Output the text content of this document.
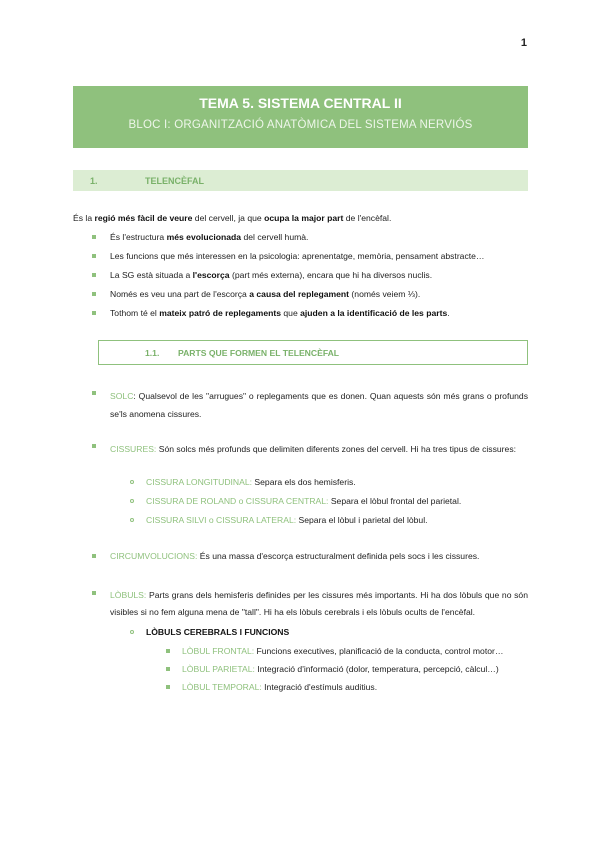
1
TEMA 5. SISTEMA CENTRAL II
BLOC I: ORGANITZACIÓ ANATÒMICA DEL SISTEMA NERVIÓS
1.	TELENCÈFAL
És la regió més fàcil de veure del cervell, ja que ocupa la major part de l'encèfal.
És l'estructura més evolucionada del cervell humà.
Les funcions que més interessen en la psicologia: aprenentatge, memòria, pensament abstracte…
La SG està situada a l'escorça (part més externa), encara que hi ha diversos nuclis.
Només es veu una part de l'escorça a causa del replegament (només veiem ⅓).
Tothom té el mateix patró de replegaments que ajuden a la identificació de les parts.
1.1. PARTS QUE FORMEN EL TELENCÈFAL
SOLC: Qualsevol de les "arrugues" o replegaments que es donen. Quan aquests són més grans o profunds se'ls anomena cissures.
CISSURES: Són solcs més profunds que delimiten diferents zones del cervell. Hi ha tres tipus de cissures:
CISSURA LONGITUDINAL: Separa els dos hemisferis.
CISSURA DE ROLAND o CISSURA CENTRAL: Separa el lòbul frontal del parietal.
CISSURA SILVI o CISSURA LATERAL: Separa el lòbul i parietal del lòbul.
CIRCUMVOLUCIONS: És una massa d'escorça estructuralment definida pels socs i les cissures.
LÒBULS: Parts grans dels hemisferis definides per les cissures més importants. Hi ha dos lòbuls que no són visibles si no fem alguna mena de "tall". Hi ha els lòbuls cerebrals i els lòbuls ocults de l'encèfal.
LÒBULS CEREBRALS I FUNCIONS
LÒBUL FRONTAL: Funcions executives, planificació de la conducta, control motor…
LÒBUL PARIETAL: Integració d'informació (dolor, temperatura, percepció, càlcul…)
LÒBUL TEMPORAL: Integració d'estímuls auditius.
